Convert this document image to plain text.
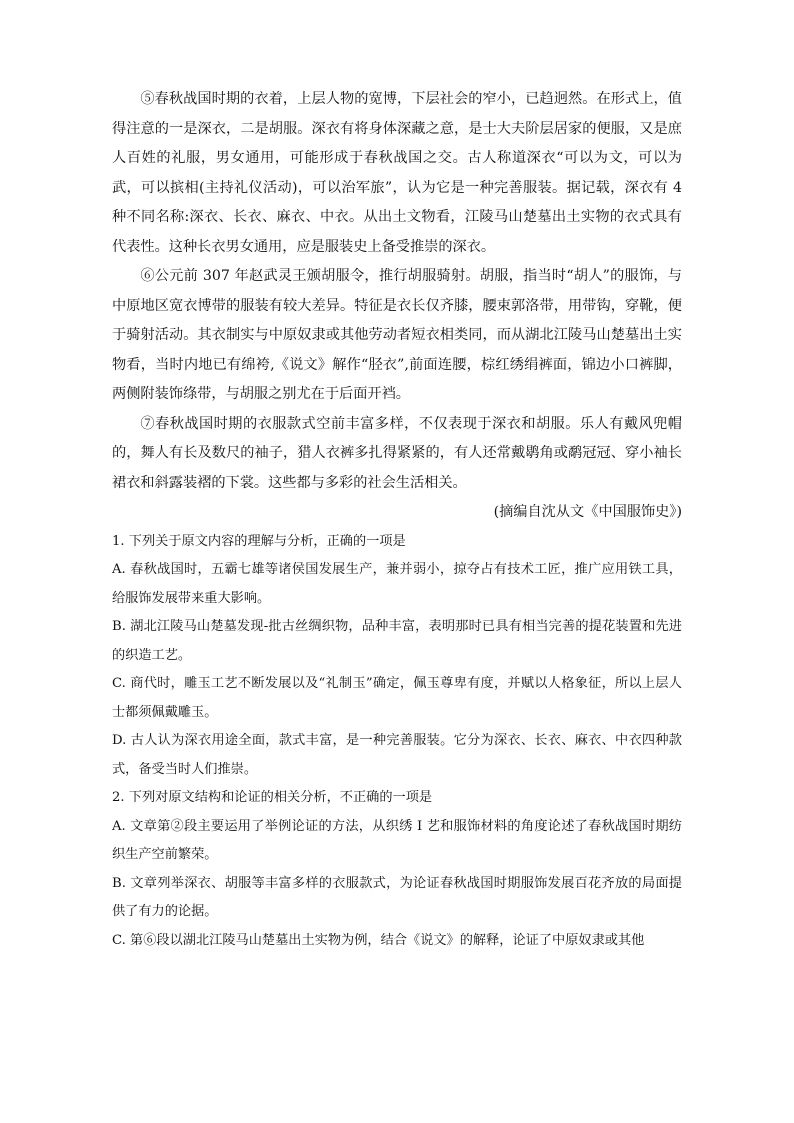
⑤春秋战国时期的衣着，上层人物的宽博，下层社会的窄小，已趋迥然。在形式上，值得注意的一是深衣，二是胡服。深衣有将身体深藏之意，是士大夫阶层居家的便服，又是庶人百姓的礼服，男女通用，可能形成于春秋战国之交。古人称道深衣“可以为文，可以为武，可以摈相(主持礼仪活动)，可以治军旅”，认为它是一种完善服装。据记载，深衣有 4 种不同名称:深衣、长衣、麻衣、中衣。从出土文物看，江陵马山楚墓出土实物的衣式具有代表性。这种长衣男女通用，应是服装史上备受推崇的深衣。

⑥公元前 307 年赵武灵王颁胡服令，推行胡服骑射。胡服，指当时“胡人”的服饰，与中原地区宽衣博带的服装有较大差异。特征是衣长仅齐膝，腰束郭洛带，用带钩，穿靴，便于骑射活动。其衣制实与中原奴隶或其他劳动者短衣相类同，而从湖北江陵马山楚墓出土实物看，当时内地已有绵袴,《说文》解作“胫衣”,前面连腰，棕红绣绢裤面，锦边小口裤脚，两侧附装饰绦带，与胡服之别尤在于后面开裆。

⑦春秋战国时期的衣服款式空前丰富多样，不仅表现于深衣和胡服。乐人有戴风兜帽的，舞人有长及数尺的袖子，猎人衣裤多扎得紧紧的，有人还常戴鹖角或鹬冠冠、穿小袖长裙衣和斜露装褶的下裳。这些都与多彩的社会生活相关。

(摘编自沈从文《中国服饰史》)

1. 下列关于原文内容的理解与分析，正确的一项是

A. 春秋战国时，五霸七雄等诸侯国发展生产，兼并弱小，掠夺占有技术工匠，推广应用铁工具，给服饰发展带来重大影响。

B. 湖北江陵马山楚墓发现-批古丝绸织物，品种丰富，表明那时已具有相当完善的提花装置和先进的织造工艺。

C. 商代时，雕玉工艺不断发展以及“礼制玉”确定，佩玉尊卑有度，并赋以人格象征，所以上层人士都须佩戴雕玉。

D. 古人认为深衣用途全面，款式丰富，是一种完善服装。它分为深衣、长衣、麻衣、中衣四种款式，备受当时人们推崇。

2. 下列对原文结构和论证的相关分析，不正确的一项是

A. 文章第②段主要运用了举例论证的方法，从织绣 I 艺和服饰材料的角度论述了春秋战国时期纺织生产空前繁荣。

B. 文章列举深衣、胡服等丰富多样的衣服款式，为论证春秋战国时期服饰发展百花齐放的局面提供了有力的论据。

C. 第⑥段以湖北江陵马山楚墓出土实物为例，结合《说文》的解释，论证了中原奴隶或其他
